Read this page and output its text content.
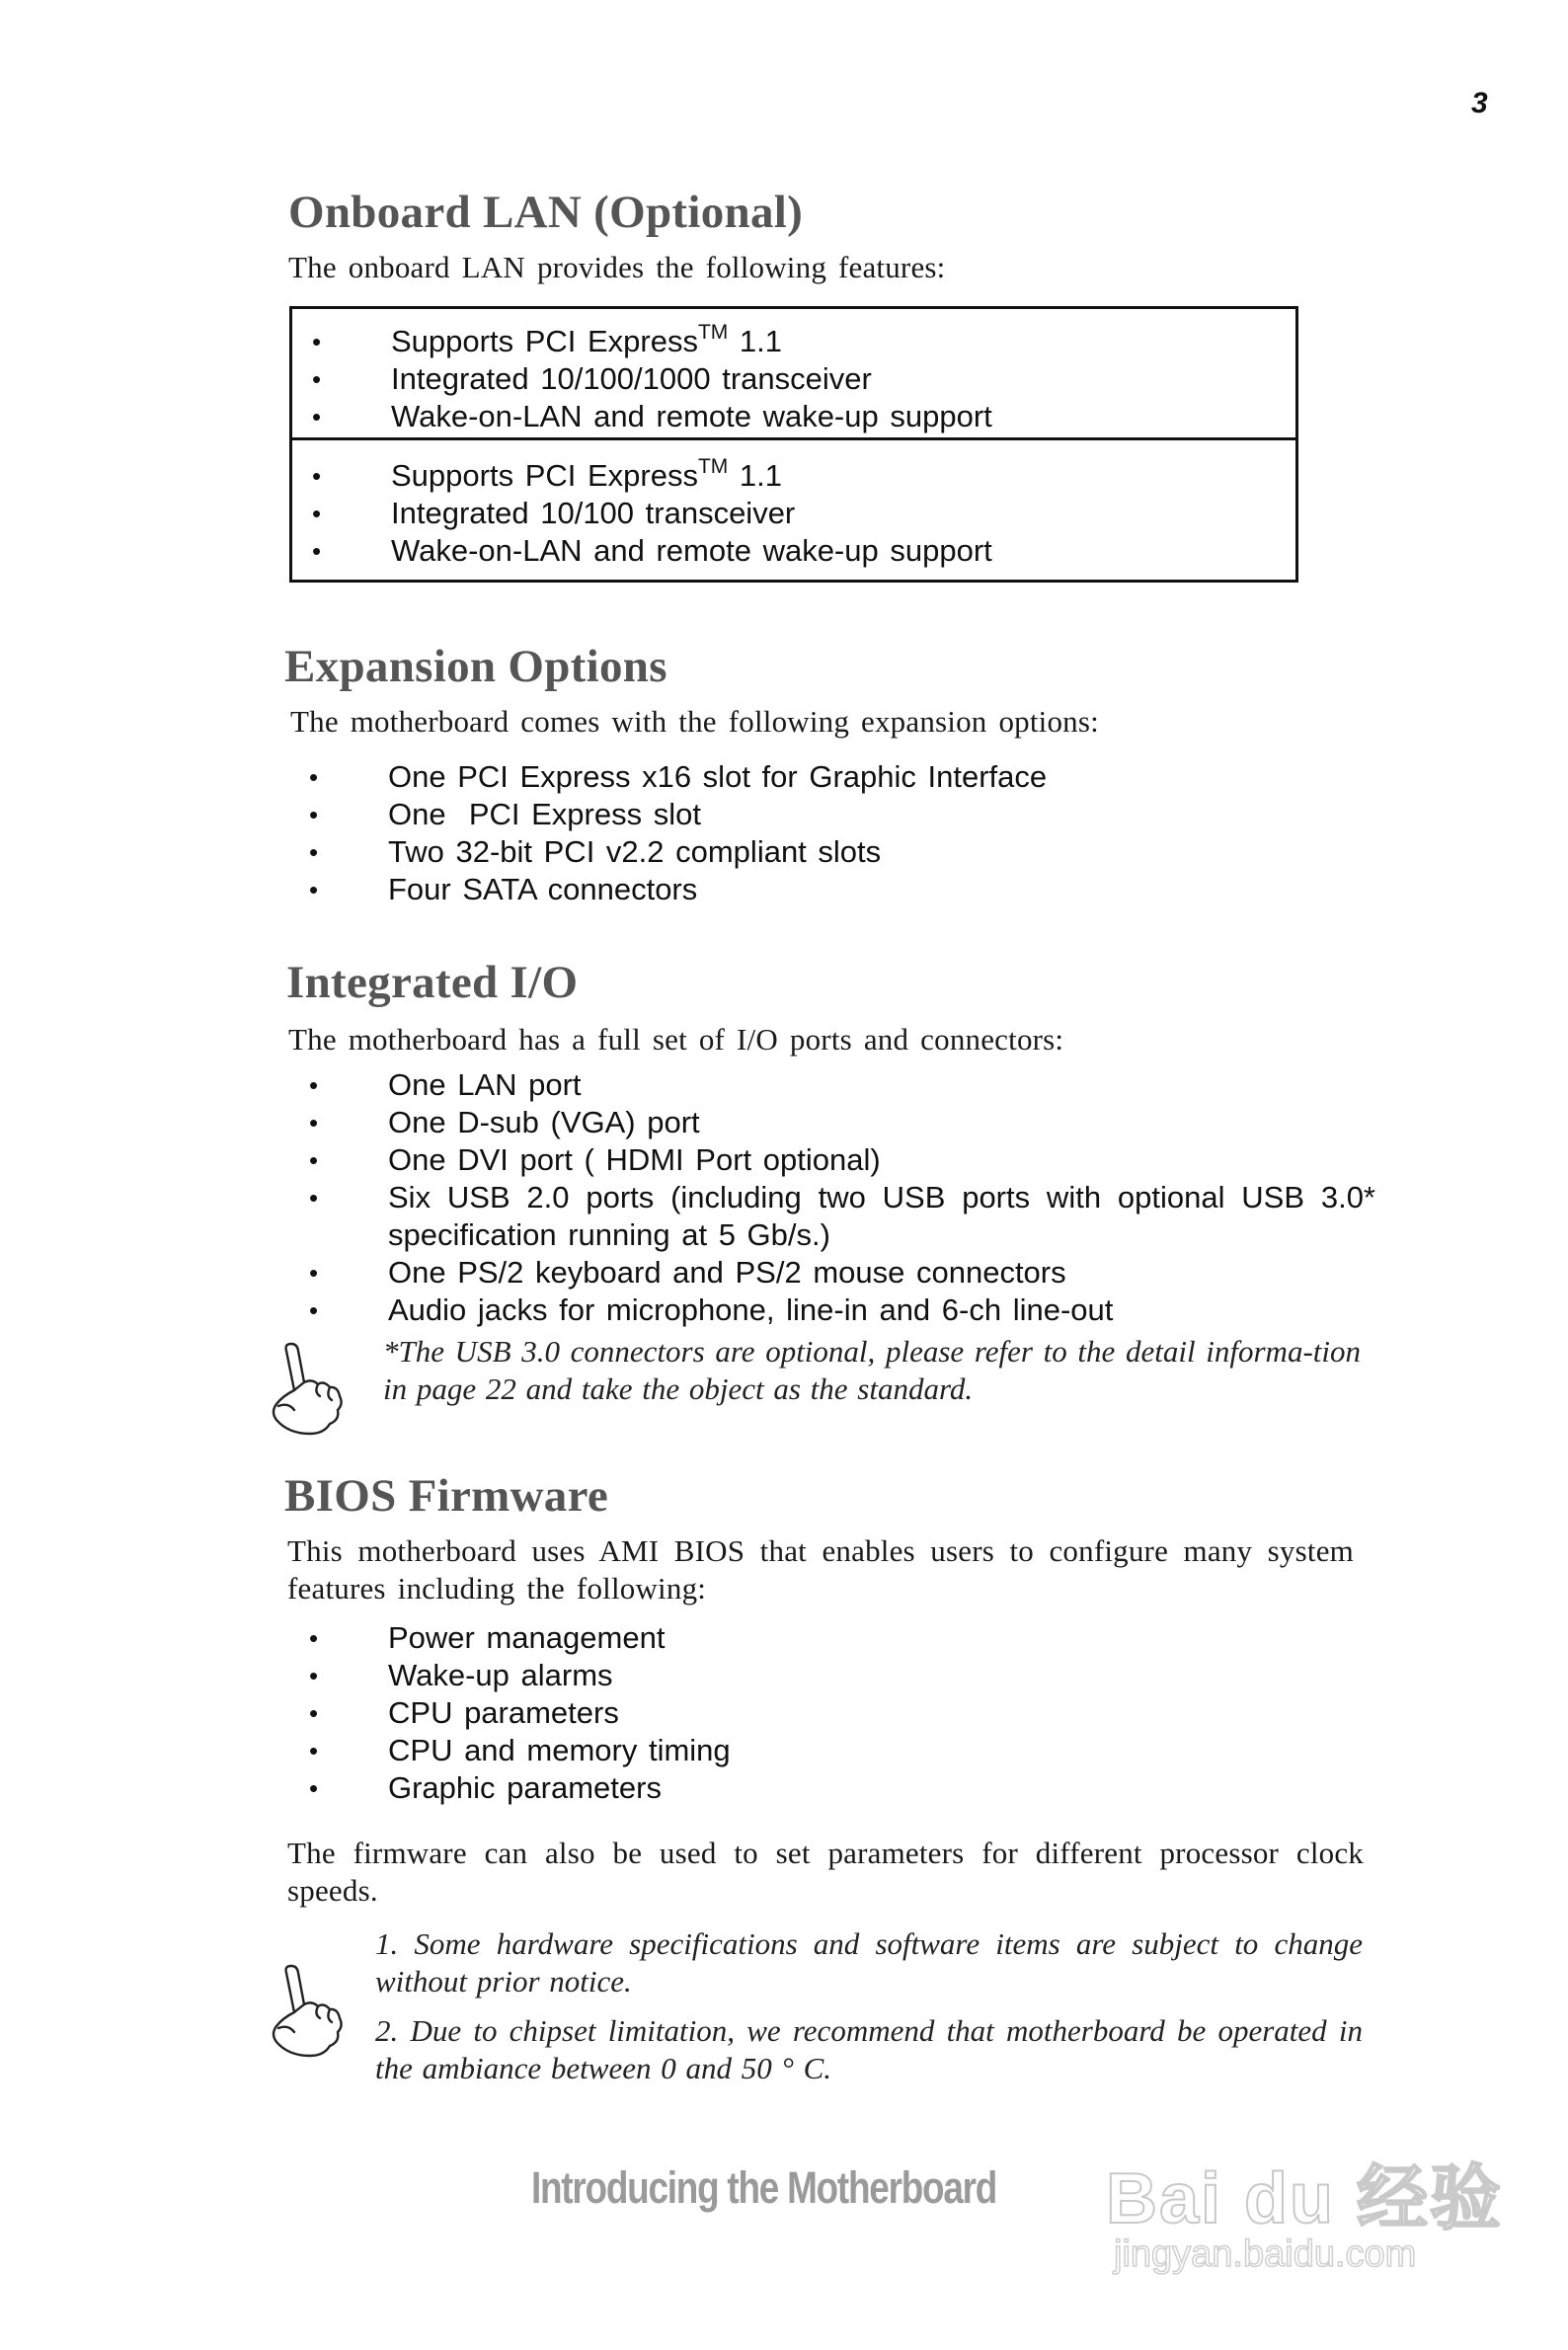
3
Onboard LAN (Optional)
The onboard LAN provides the following features:
• Supports PCI Express™ 1.1
• Integrated 10/100/1000 transceiver
• Wake-on-LAN and remote wake-up support
• Supports PCI Express™ 1.1
• Integrated 10/100 transceiver
• Wake-on-LAN and remote wake-up support
Expansion Options
The motherboard comes with the following expansion options:
• One PCI Express x16 slot for Graphic Interface
• One  PCI Express slot
• Two 32-bit PCI v2.2 compliant slots
• Four SATA connectors
Integrated I/O
The motherboard has a full set of I/O ports and connectors:
• One LAN port
• One D-sub (VGA) port
• One DVI port ( HDMI Port optional)
• Six USB 2.0 ports (including two USB ports with optional USB 3.0* specification running at 5 Gb/s.)
• One PS/2 keyboard and PS/2 mouse connectors
• Audio jacks for microphone, line-in and 6-ch line-out
*The USB 3.0 connectors are optional, please refer to the detail informa-tion in page 22 and take the object as the standard.
BIOS Firmware
This motherboard uses AMI BIOS that enables users to configure many system features including the following:
• Power management
• Wake-up alarms
• CPU parameters
• CPU and memory timing
• Graphic parameters
The firmware can also be used to set parameters for different processor clock speeds.
1. Some hardware specifications and software items are subject to change without prior notice.
2. Due to chipset limitation, we recommend that motherboard be operated in the ambiance between 0 and 50 ° C.
Introducing the Motherboard Bai du 经验
jingyan.baidu.com
